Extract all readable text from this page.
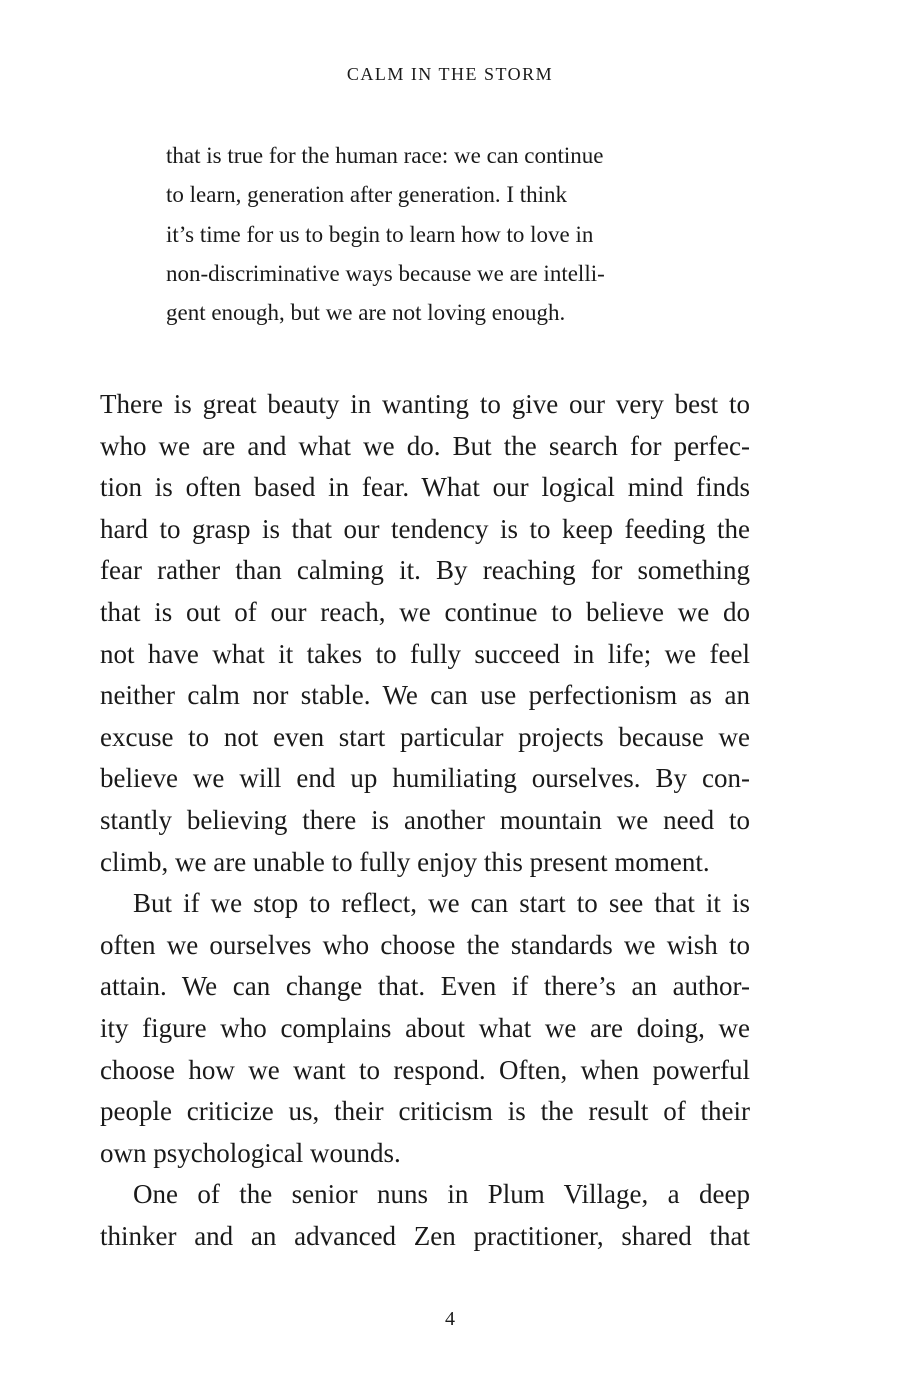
CALM IN THE STORM
that is true for the human race: we can continue
to learn, generation after generation. I think
it’s time for us to begin to learn how to love in
non-discriminative ways because we are intelli-
gent enough, but we are not loving enough.
There is great beauty in wanting to give our very best to
who we are and what we do. But the search for perfec-
tion is often based in fear. What our logical mind finds
hard to grasp is that our tendency is to keep feeding the
fear rather than calming it. By reaching for something
that is out of our reach, we continue to believe we do
not have what it takes to fully succeed in life; we feel
neither calm nor stable. We can use perfectionism as an
excuse to not even start particular projects because we
believe we will end up humiliating ourselves. By con-
stantly believing there is another mountain we need to
climb, we are unable to fully enjoy this present moment.
But if we stop to reflect, we can start to see that it is
often we ourselves who choose the standards we wish to
attain. We can change that. Even if there’s an author-
ity figure who complains about what we are doing, we
choose how we want to respond. Often, when powerful
people criticize us, their criticism is the result of their
own psychological wounds.
One of the senior nuns in Plum Village, a deep
thinker and an advanced Zen practitioner, shared that
4
